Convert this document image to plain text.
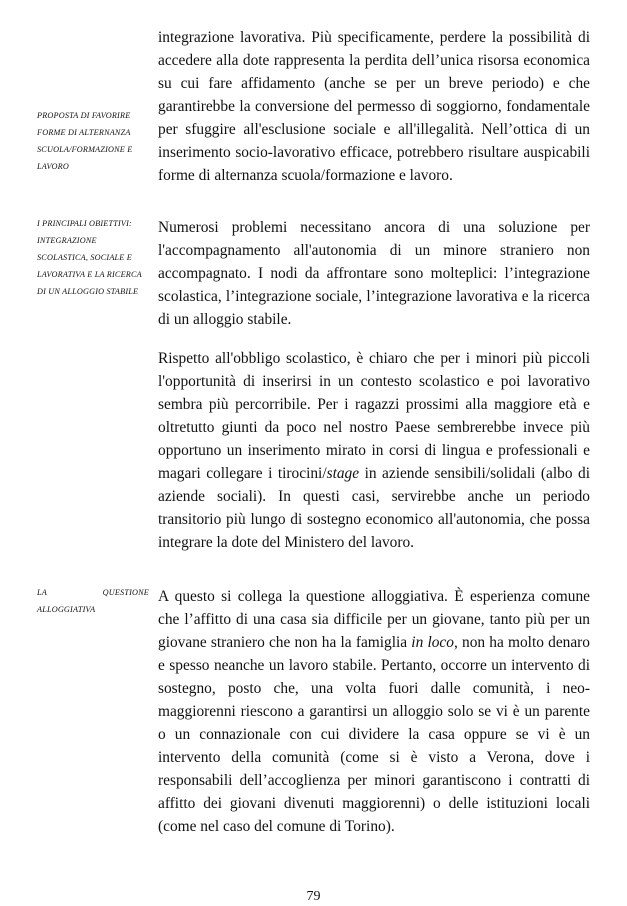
PROPOSTA DI FAVORIRE FORME DI ALTERNANZA SCUOLA/FORMAZIONE E LAVORO
I PRINCIPALI OBIETTIVI: INTEGRAZIONE SCOLASTICA, SOCIALE E LAVORATIVA E LA RICERCA DI UN ALLOGGIO STABILE
LA QUESTIONE ALLOGGIATIVA

integrazione lavorativa. Più specificamente, perdere la possibilità di accedere alla dote rappresenta la perdita dell’unica risorsa economica su cui fare affidamento (anche se per un breve periodo) e che garantirebbe la conversione del permesso di soggiorno, fondamentale per sfuggire all'esclusione sociale e all'illegalità. Nell’ottica di un inserimento socio-lavorativo efficace, potrebbero risultare auspicabili forme di alternanza scuola/formazione e lavoro.

Numerosi problemi necessitano ancora di una soluzione per l'accompagnamento all'autonomia di un minore straniero non accompagnato. I nodi da affrontare sono molteplici: l’integrazione scolastica, l’integrazione sociale, l’integrazione lavorativa e la ricerca di un alloggio stabile.

Rispetto all'obbligo scolastico, è chiaro che per i minori più piccoli l'opportunità di inserirsi in un contesto scolastico e poi lavorativo sembra più percorribile. Per i ragazzi prossimi alla maggiore età e oltretutto giunti da poco nel nostro Paese sembrerebbe invece più opportuno un inserimento mirato in corsi di lingua e professionali e magari collegare i tirocini/stage in aziende sensibili/solidali (albo di aziende sociali). In questi casi, servirebbe anche un periodo transitorio più lungo di sostegno economico all'autonomia, che possa integrare la dote del Ministero del lavoro.

A questo si collega la questione alloggiativa. È esperienza comune che l’affitto di una casa sia difficile per un giovane, tanto più per un giovane straniero che non ha la famiglia in loco, non ha molto denaro e spesso neanche un lavoro stabile. Pertanto, occorre un intervento di sostegno, posto che, una volta fuori dalle comunità, i neo-maggiorenni riescono a garantirsi un alloggio solo se vi è un parente o un connazionale con cui dividere la casa oppure se vi è un intervento della comunità (come si è visto a Verona, dove i responsabili dell’accoglienza per minori garantiscono i contratti di affitto dei giovani divenuti maggiorenni) o delle istituzioni locali (come nel caso del comune di Torino).

79
